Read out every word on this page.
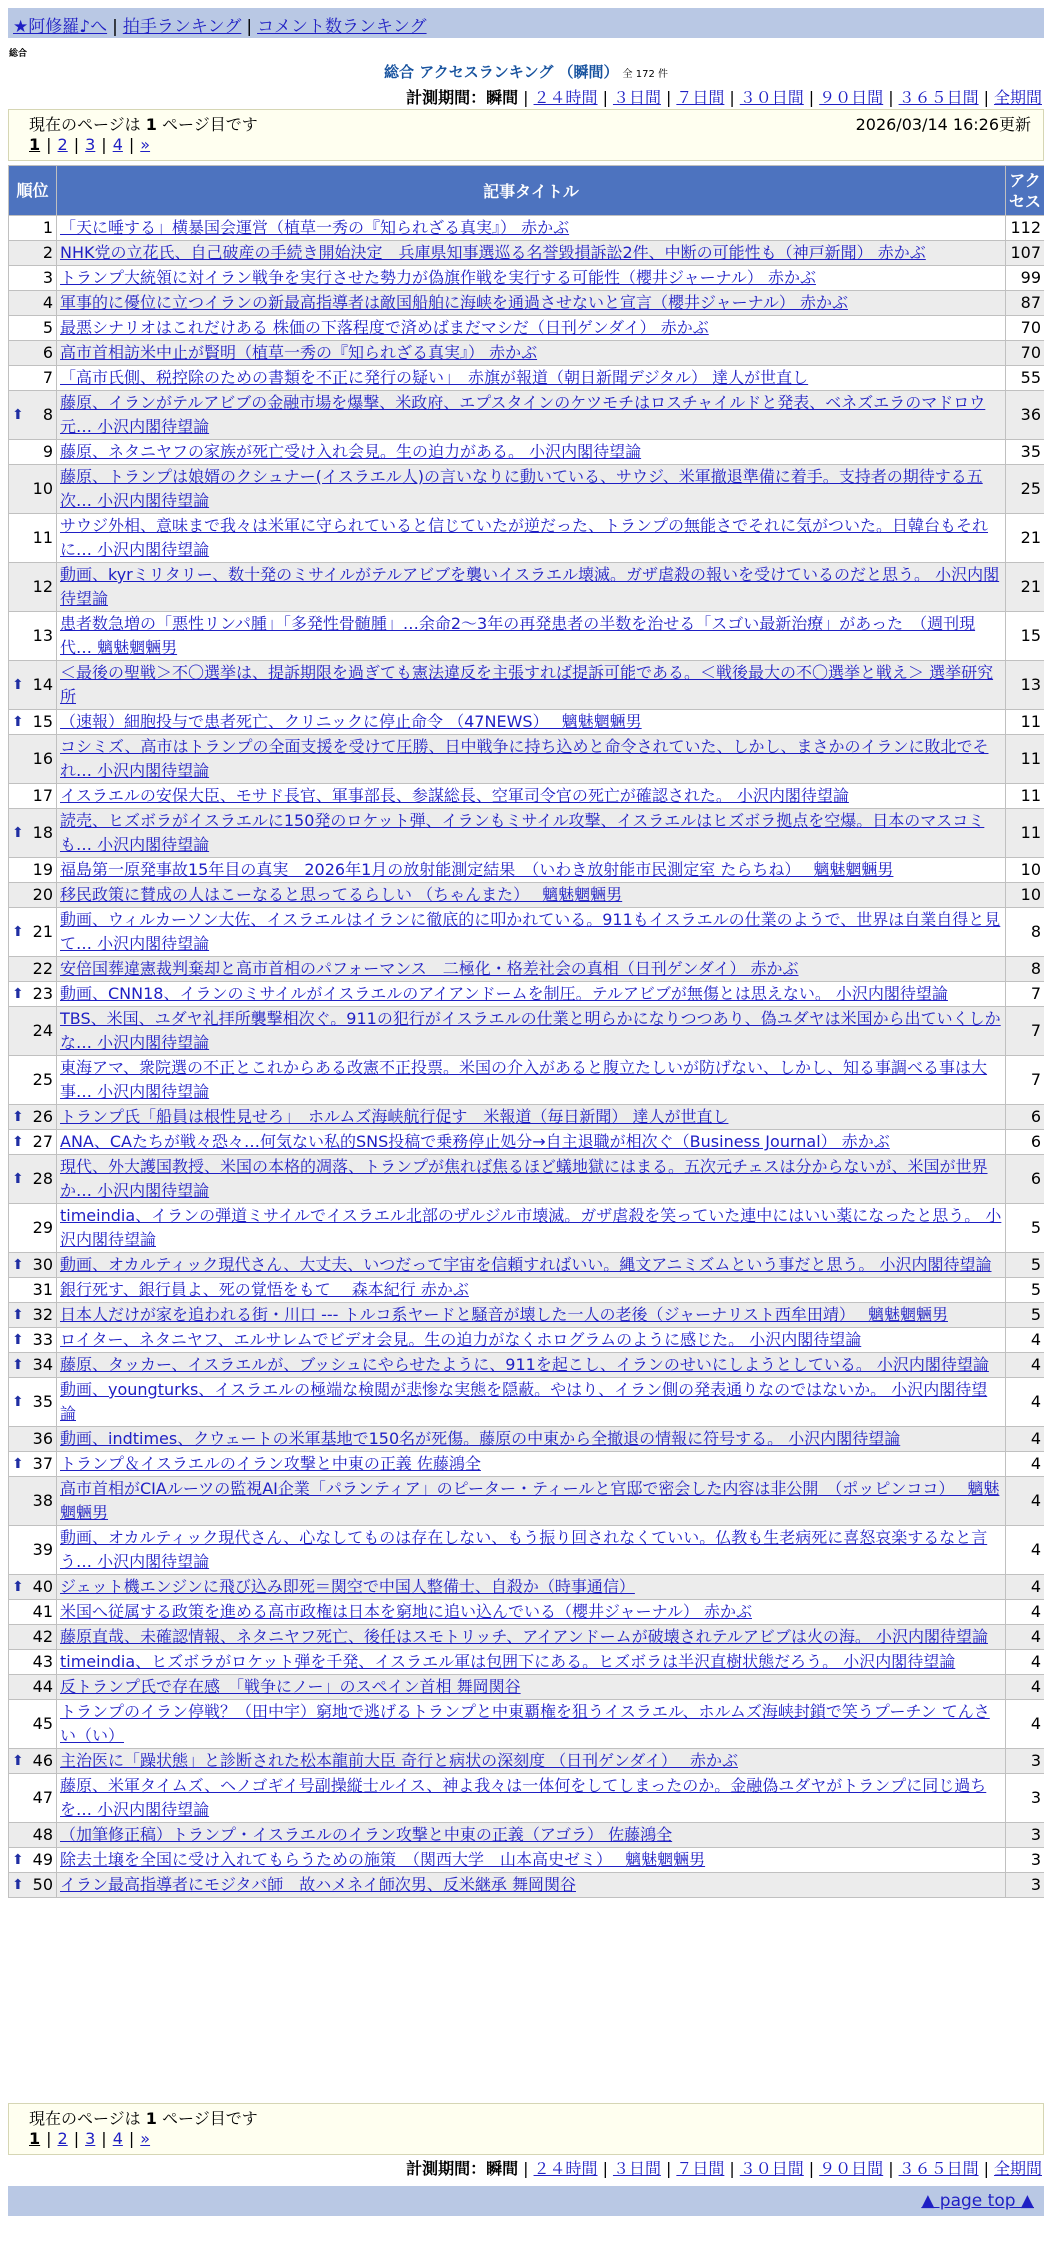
★阿修羅♪へ | 拍手ランキング | コメント数ランキング
総合
総合 アクセスランキング （瞬間） 全 172 件
計測期間：瞬間 | ２４時間 | ３日間 | ７日間 | ３０日間 | ９０日間 | ３６５日間 | 全期間
現在のページは 1 ページ目です	2026/03/14 16:26更新
1 | 2 | 3 | 4 | »
順位	記事タイトル	アクセス
1	「天に唾する」横暴国会運営（植草一秀の『知られざる真実』） 赤かぶ	112
2	NHK党の立花氏、自己破産の手続き開始決定　兵庫県知事選巡る名誉毀損訴訟2件、中断の可能性も（神戸新聞） 赤かぶ	107
3	トランプ大統領に対イラン戦争を実行させた勢力が偽旗作戦を実行する可能性（櫻井ジャーナル） 赤かぶ	99
4	軍事的に優位に立つイランの新最高指導者は敵国船舶に海峡を通過させないと宣言（櫻井ジャーナル） 赤かぶ	87
5	最悪シナリオはこれだけある 株価の下落程度で済めばまだマシだ（日刊ゲンダイ） 赤かぶ	70
6	高市首相訪米中止が賢明（植草一秀の『知られざる真実』） 赤かぶ	70
7	「高市氏側、税控除のための書類を不正に発行の疑い」　赤旗が報道（朝日新聞デジタル） 達人が世直し	55

⬆ 8	藤原、イランがテルアビブの金融市場を爆撃、米政府、エプスタインのケツモチはロスチャイルドと発表、ベネズエラのマドロウ元… 小沢内閣待望論	36
9	藤原、ネタニヤフの家族が死亡受け入れ会見。生の迫力がある。 小沢内閣待望論	35
10	藤原、トランプは娘婿のクシュナー(イスラエル人)の言いなりに動いている、サウジ、米軍撤退準備に着手。支持者の期待する五次… 小沢内閣待望論	25
11	サウジ外相、意味まで我々は米軍に守られていると信じていたが逆だった、トランプの無能さでそれに気がついた。日韓台もそれに… 小沢内閣待望論	21
12	動画、kyrミリタリー、数十発のミサイルがテルアビブを襲いイスラエル壊滅。ガザ虐殺の報いを受けているのだと思う。 小沢内閣待望論	21
13	患者数急増の「悪性リンパ腫」「多発性骨髄腫」…余命2～3年の再発患者の半数を治せる「スゴい最新治療」があった　（週刊現代… 魑魅魍魎男	15

⬆ 14	＜最後の聖戦＞不〇選挙は、提訴期限を過ぎても憲法違反を主張すれば提訴可能である。＜戦後最大の不〇選挙と戦え＞ 選挙研究所	13

⬆ 15	（速報）細胞投与で患者死亡、クリニックに停止命令 （47NEWS）　 魑魅魍魎男	11
16	コシミズ、高市はトランプの全面支援を受けて圧勝、日中戦争に持ち込めと命令されていた、しかし、まさかのイランに敗北でそれ… 小沢内閣待望論	11
17	イスラエルの安保大臣、モサド長官、軍事部長、参謀総長、空軍司令官の死亡が確認された。 小沢内閣待望論	11

⬆ 18	読売、ヒズボラがイスラエルに150発のロケット弾、イランもミサイル攻撃、イスラエルはヒズボラ拠点を空爆。日本のマスコミも… 小沢内閣待望論	11
19	福島第一原発事故15年目の真実　2026年1月の放射能測定結果　（いわき放射能市民測定室 たらちね）　 魑魅魍魎男	10
20	移民政策に賛成の人はこーなると思ってるらしい （ちゃんまた）　 魑魅魍魎男	10

⬆ 21	動画、ウィルカーソン大佐、イスラエルはイランに徹底的に叩かれている。911もイスラエルの仕業のようで、世界は自業自得と見て… 小沢内閣待望論	8
22	安倍国葬違憲裁判棄却と高市首相のパフォーマンス　二極化・格差社会の真相（日刊ゲンダイ） 赤かぶ	8

⬆ 23	動画、CNN18、イランのミサイルがイスラエルのアイアンドームを制圧。テルアビブが無傷とは思えない。 小沢内閣待望論	7
24	TBS、米国、ユダヤ礼拝所襲撃相次ぐ。911の犯行がイスラエルの仕業と明らかになりつつあり、偽ユダヤは米国から出ていくしかな… 小沢内閣待望論	7
25	東海アマ、衆院選の不正とこれからある改憲不正投票。米国の介入があると腹立たしいが防げない、しかし、知る事調べる事は大事… 小沢内閣待望論	7

⬆ 26	トランプ氏「船員は根性見せろ」　ホルムズ海峡航行促す　米報道（毎日新聞） 達人が世直し	6

⬆ 27	ANA、CAたちが戦々恐々…何気ない私的SNS投稿で乗務停止処分→自主退職が相次ぐ（Business Journal） 赤かぶ	6

⬆ 28	現代、外大護国教授、米国の本格的凋落、トランプが焦れば焦るほど蟻地獄にはまる。五次元チェスは分からないが、米国が世界か… 小沢内閣待望論	6
29	timeindia、イランの弾道ミサイルでイスラエル北部のザルジル市壊滅。ガザ虐殺を笑っていた連中にはいい薬になったと思う。 小沢内閣待望論	5

⬆ 30	動画、オカルティック現代さん、大丈夫、いつだって宇宙を信頼すればいい。縄文アニミズムという事だと思う。 小沢内閣待望論	5
31	銀行死す、銀行員よ、死の覚悟をもて　 森本紀行 赤かぶ	5

⬆ 32	日本人だけが家を追われる街・川口 --- トルコ系ヤードと騒音が壊した一人の老後（ジャーナリスト西牟田靖）　 魑魅魍魎男	5

⬆ 33	ロイター、ネタニヤフ、エルサレムでビデオ会見。生の迫力がなくホログラムのように感じた。 小沢内閣待望論	4

⬆ 34	藤原、タッカー、イスラエルが、ブッシュにやらせたように、911を起こし、イランのせいにしようとしている。 小沢内閣待望論	4

⬆ 35	動画、youngturks、イスラエルの極端な検閲が悲惨な実態を隠蔽。やはり、イラン側の発表通りなのではないか。 小沢内閣待望論	4
36	動画、indtimes、クウェートの米軍基地で150名が死傷。藤原の中東から全撤退の情報に符号する。 小沢内閣待望論	4

⬆ 37	トランプ＆イスラエルのイラン攻撃と中東の正義 佐藤鴻全	4
38	高市首相がCIAルーツの監視AI企業「パランティア」のピーター・ティールと官邸で密会した内容は非公開　（ポッピンココ）　 魑魅魍魎男	4
39	動画、オカルティック現代さん、心なしてものは存在しない、もう振り回されなくていい。仏教も生老病死に喜怒哀楽するなと言う… 小沢内閣待望論	4

⬆ 40	ジェット機エンジンに飛び込み即死＝関空で中国人整備士、自殺か（時事通信）	4
41	米国へ従属する政策を進める高市政権は日本を窮地に追い込んでいる（櫻井ジャーナル） 赤かぶ	4
42	藤原直哉、未確認情報、ネタニヤフ死亡、後任はスモトリッチ、アイアンドームが破壊されテルアビブは火の海。 小沢内閣待望論	4
43	timeindia、ヒズボラがロケット弾を千発、イスラエル軍は包囲下にある。ヒズボラは半沢直樹状態だろう。 小沢内閣待望論	4
44	反トランプ氏で存在感　「戦争にノー」のスペイン首相 舞岡関谷	4
45	トランプのイラン停戦？（田中宇）窮地で逃げるトランプと中東覇権を狙うイスラエル、ホルムズ海峡封鎖で笑うプーチン てんさい（い）	4

⬆ 46	主治医に「躁状態」と診断された松本龍前大臣 奇行と病状の深刻度 （日刊ゲンダイ）　 赤かぶ	3
47	藤原、米軍タイムズ、ヘノゴギイ号副操縦士ルイス、神よ我々は一体何をしてしまったのか。金融偽ユダヤがトランプに同じ過ちを… 小沢内閣待望論	3
48	（加筆修正稿）トランプ・イスラエルのイラン攻撃と中東の正義（アゴラ） 佐藤鴻全	3

⬆ 49	除去土壌を全国に受け入れてもらうための施策　（関西大学　山本高史ゼミ）　 魑魅魍魎男	3

⬆ 50	イラン最高指導者にモジタバ師　故ハメネイ師次男、反米継承 舞岡関谷	3
現在のページは 1 ページ目です
1 | 2 | 3 | 4 | »
計測期間：瞬間 | ２４時間 | ３日間 | ７日間 | ３０日間 | ９０日間 | ３６５日間 | 全期間
▲ page top ▲
